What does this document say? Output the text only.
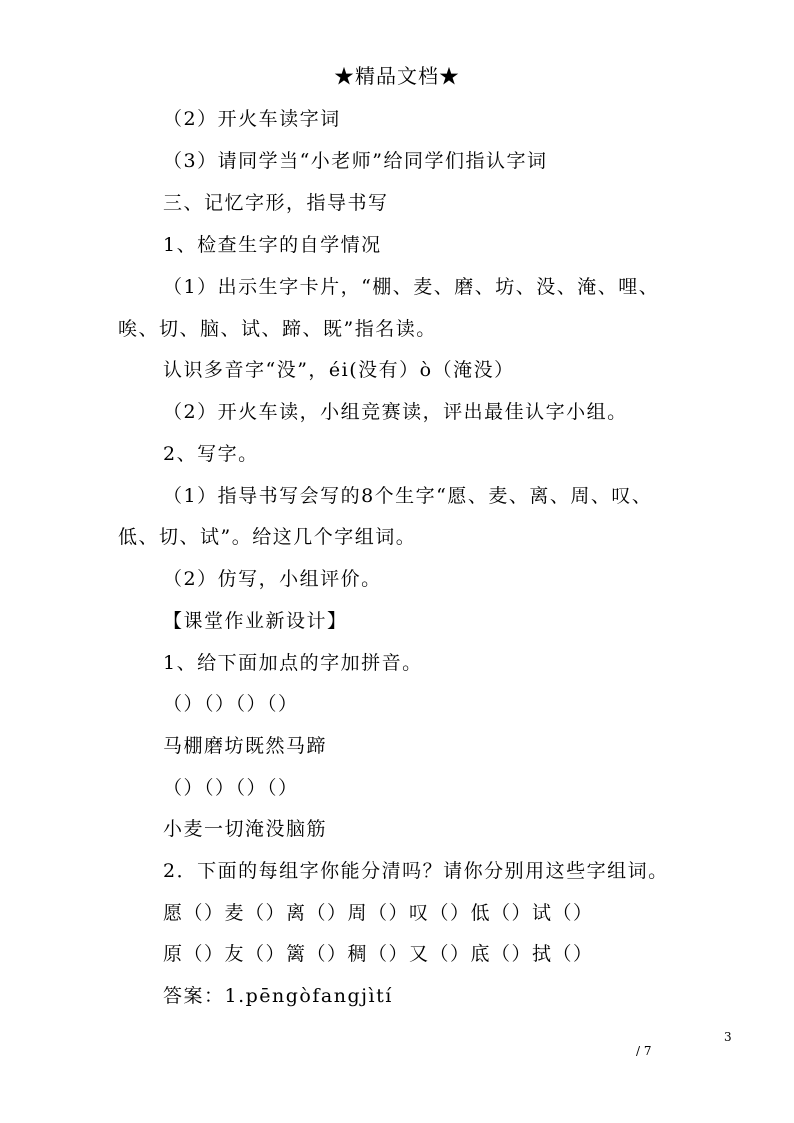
★精品文档★
（2）开火车读字词
（3）请同学当“小老师”给同学们指认字词
三、记忆字形，指导书写
1、检查生字的自学情况
（1）出示生字卡片，“棚、麦、磨、坊、没、淹、哩、
唉、切、脑、试、蹄、既”指名读。
认识多音字“没”，éi(没有）ò（淹没）
（2）开火车读，小组竞赛读，评出最佳认字小组。
2、写字。
（1）指导书写会写的8个生字“愿、麦、离、周、叹、
低、切、试”。给这几个字组词。
（2）仿写，小组评价。
【课堂作业新设计】
1、给下面加点的字加拼音。
（）（）（）（）
马棚磨坊既然马蹄
（）（）（）（）
小麦一切淹没脑筋
2．下面的每组字你能分清吗？请你分别用这些字组词。
愿（）麦（）离（）周（）叹（）低（）试（）
原（）友（）篱（）稠（）又（）底（）拭（）
答案：1.pēngòfangjìtí
3
/ 7
